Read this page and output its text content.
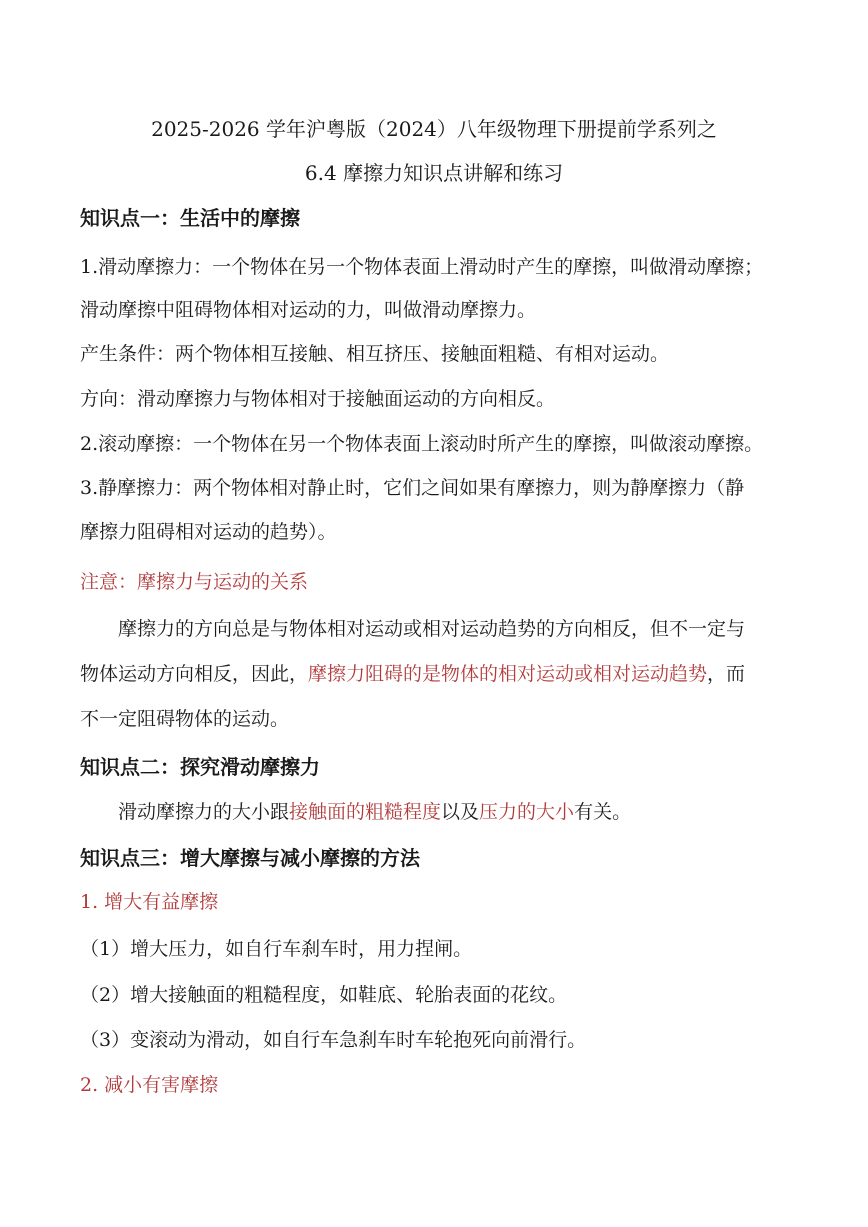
2025-2026 学年沪粤版（2024）八年级物理下册提前学系列之
6.4 摩擦力知识点讲解和练习
知识点一：生活中的摩擦
1.滑动摩擦力：一个物体在另一个物体表面上滑动时产生的摩擦，叫做滑动摩擦；
滑动摩擦中阻碍物体相对运动的力，叫做滑动摩擦力。
产生条件：两个物体相互接触、相互挤压、接触面粗糙、有相对运动。
方向：滑动摩擦力与物体相对于接触面运动的方向相反。
2.滚动摩擦：一个物体在另一个物体表面上滚动时所产生的摩擦，叫做滚动摩擦。
3.静摩擦力：两个物体相对静止时，它们之间如果有摩擦力，则为静摩擦力（静
摩擦力阻碍相对运动的趋势）。
注意：摩擦力与运动的关系
摩擦力的方向总是与物体相对运动或相对运动趋势的方向相反，但不一定与
物体运动方向相反，因此，摩擦力阻碍的是物体的相对运动或相对运动趋势，而
不一定阻碍物体的运动。
知识点二：探究滑动摩擦力
滑动摩擦力的大小跟接触面的粗糙程度以及压力的大小有关。
知识点三：增大摩擦与减小摩擦的方法
1. 增大有益摩擦
（1）增大压力，如自行车刹车时，用力捏闸。
（2）增大接触面的粗糙程度，如鞋底、轮胎表面的花纹。
（3）变滚动为滑动，如自行车急刹车时车轮抱死向前滑行。
2. 减小有害摩擦
